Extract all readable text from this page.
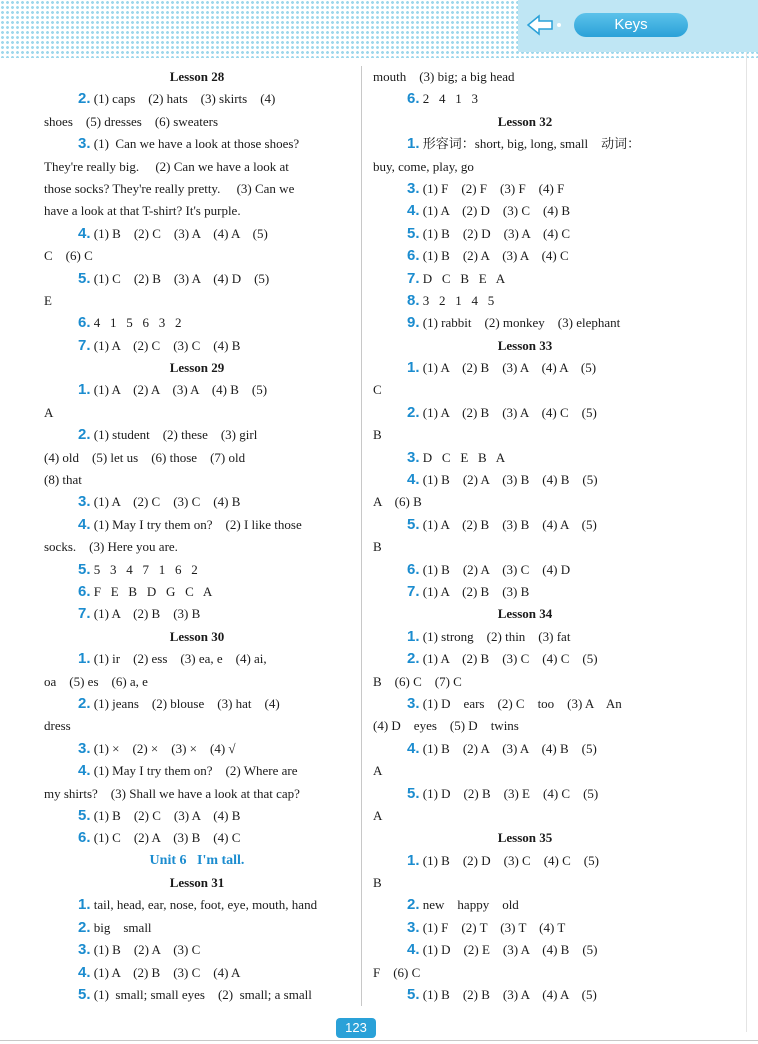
Keys
Lesson 28
2. (1) caps    (2) hats    (3) skirts    (4)
shoes    (5) dresses    (6) sweaters
3. (1)  Can we have a look at those shoes?
They're really big.     (2) Can we have a look at
those socks? They're really pretty.     (3) Can we
have a look at that T-shirt? It's purple.
4. (1) B    (2) C    (3) A    (4) A    (5)
C    (6) C
5. (1) C    (2) B    (3) A    (4) D    (5)
E
6. 4   1   5   6   3   2
7. (1) A    (2) C    (3) C    (4) B
Lesson 29
1. (1) A    (2) A    (3) A    (4) B    (5)
A
2. (1) student    (2) these    (3) girl
(4) old    (5) let us    (6) those    (7) old
(8) that
3. (1) A    (2) C    (3) C    (4) B
4. (1) May I try them on?    (2) I like those
socks.    (3) Here you are.
5. 5   3   4   7   1   6   2
6. F   E   B   D   G   C   A
7. (1) A    (2) B    (3) B
Lesson 30
1. (1) ir    (2) ess    (3) ea, e    (4) ai,
oa    (5) es    (6) a, e
2. (1) jeans    (2) blouse    (3) hat    (4)
dress
3. (1) ×    (2) ×    (3) ×    (4) √
4. (1) May I try them on?    (2) Where are
my shirts?    (3) Shall we have a look at that cap?
5. (1) B    (2) C    (3) A    (4) B
6. (1) C    (2) A    (3) B    (4) C
Unit 6   I'm tall.
Lesson 31
1. tail, head, ear, nose, foot, eye, mouth, hand
2. big    small
3. (1) B    (2) A    (3) C
4. (1) A    (2) B    (3) C    (4) A
5. (1)  small; small eyes    (2)  small; a small
mouth    (3) big; a big head
6. 2   4   1   3
Lesson 32
1. 形容词：short, big, long, small    动词：
buy, come, play, go
3. (1) F    (2) F    (3) F    (4) F
4. (1) A    (2) D    (3) C    (4) B
5. (1) B    (2) D    (3) A    (4) C
6. (1) B    (2) A    (3) A    (4) C
7. D   C   B   E   A
8. 3   2   1   4   5
9. (1) rabbit    (2) monkey    (3) elephant
Lesson 33
1. (1) A    (2) B    (3) A    (4) A    (5)
C
2. (1) A    (2) B    (3) A    (4) C    (5)
B
3. D   C   E   B   A
4. (1) B    (2) A    (3) B    (4) B    (5)
A    (6) B
5. (1) A    (2) B    (3) B    (4) A    (5)
B
6. (1) B    (2) A    (3) C    (4) D
7. (1) A    (2) B    (3) B
Lesson 34
1. (1) strong    (2) thin    (3) fat
2. (1) A    (2) B    (3) C    (4) C    (5)
B    (6) C    (7) C
3. (1) D    ears    (2) C    too    (3) A    An
(4) D    eyes    (5) D    twins
4. (1) B    (2) A    (3) A    (4) B    (5)
A
5. (1) D    (2) B    (3) E    (4) C    (5)
A
Lesson 35
1. (1) B    (2) D    (3) C    (4) C    (5)
B
2. new    happy    old
3. (1) F    (2) T    (3) T    (4) T
4. (1) D    (2) E    (3) A    (4) B    (5)
F    (6) C
5. (1) B    (2) B    (3) A    (4) A    (5)
123
